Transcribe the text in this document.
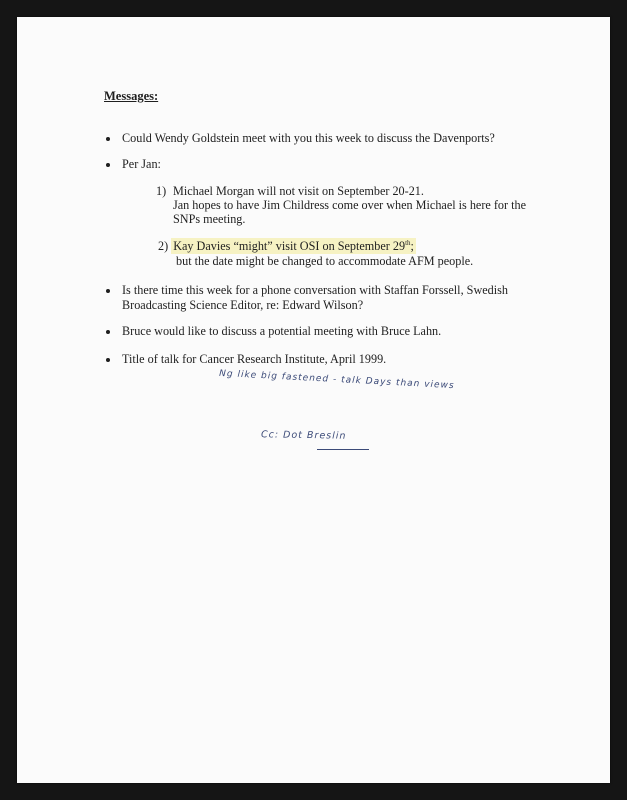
Messages:
Could Wendy Goldstein meet with you this week to discuss the Davenports?
Per Jan:
1) Michael Morgan will not visit on September 20-21.
Jan hopes to have Jim Childress come over when Michael is here for the
SNPs meeting.
2) Kay Davies “might” visit OSI on September 29th;
but the date might be changed to accommodate AFM people.
Is there time this week for a phone conversation with Staffan Forssell, Swedish
Broadcasting Science Editor, re: Edward Wilson?
Bruce would like to discuss a potential meeting with Bruce Lahn.
Title of talk for Cancer Research Institute, April 1999.
Ng like big fastened - talk Days than views
Cc: Dot Breslin
